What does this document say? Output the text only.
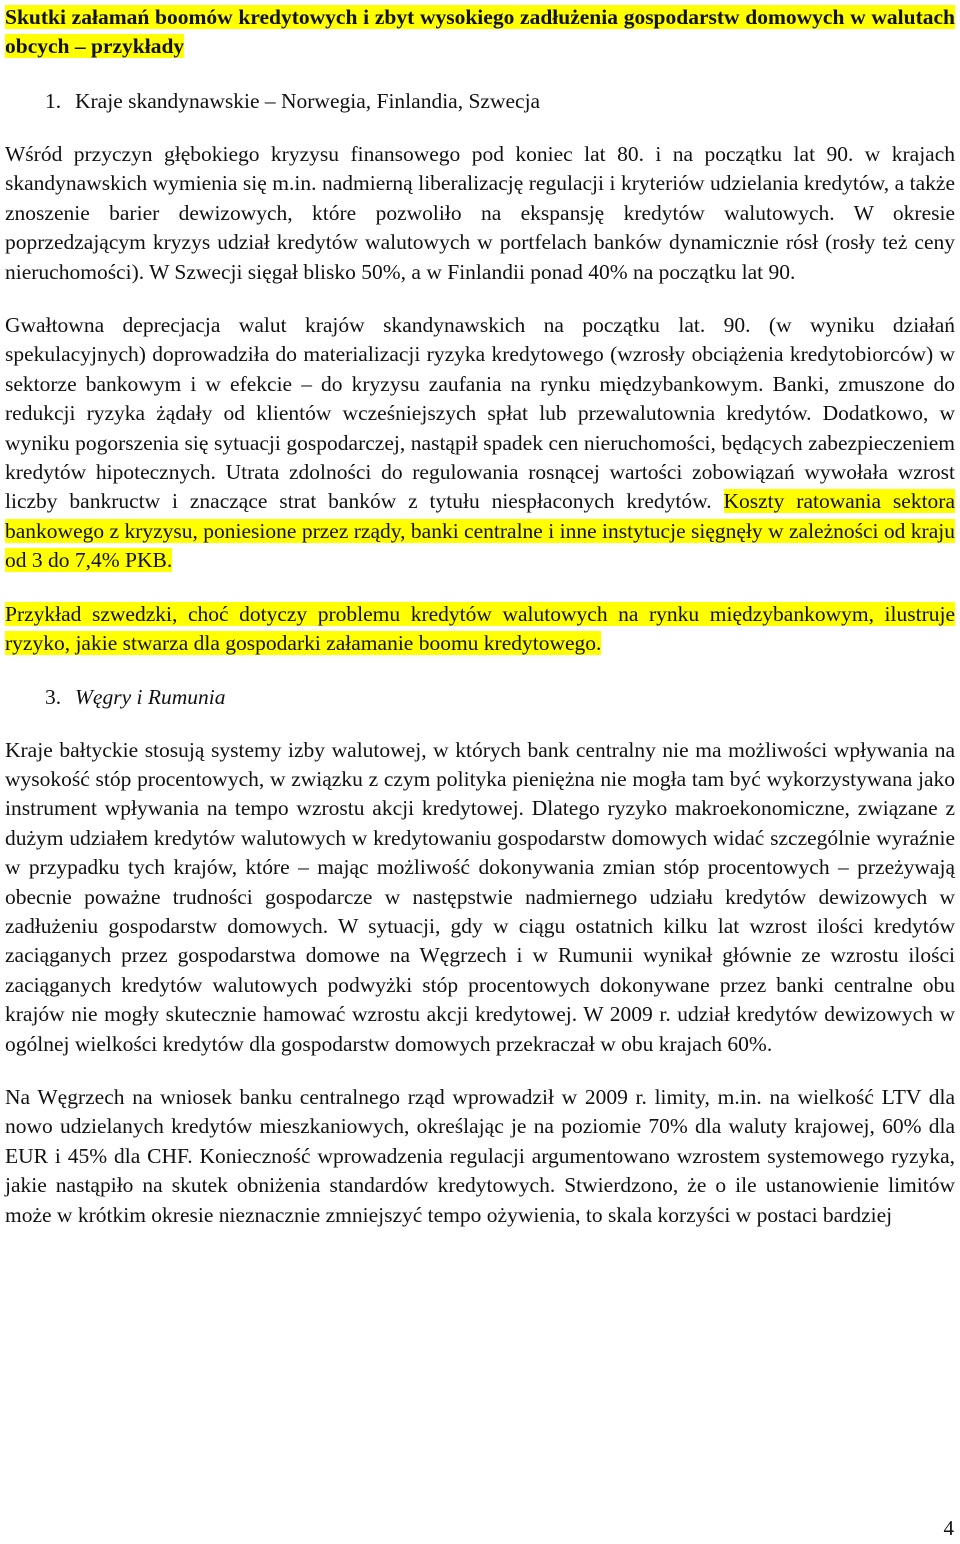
Skutki załamań boomów kredytowych i zbyt wysokiego zadłużenia gospodarstw domowych w walutach obcych – przykłady

1. Kraje skandynawskie – Norwegia, Finlandia, Szwecja

Wśród przyczyn głębokiego kryzysu finansowego pod koniec lat 80. i na początku lat 90. w krajach skandynawskich wymienia się m.in. nadmierną liberalizację regulacji i kryteriów udzielania kredytów, a także znoszenie barier dewizowych, które pozwoliło na ekspansję kredytów walutowych. W okresie poprzedzającym kryzys udział kredytów walutowych w portfelach banków dynamicznie rósł (rosły też ceny nieruchomości). W Szwecji sięgał blisko 50%, a w Finlandii ponad 40% na początku lat 90.

Gwałtowna deprecjacja walut krajów skandynawskich na początku lat. 90. (w wyniku działań spekulacyjnych) doprowadziła do materializacji ryzyka kredytowego (wzrosły obciążenia kredytobiorców) w sektorze bankowym i w efekcie – do kryzysu zaufania na rynku międzybankowym. Banki, zmuszone do redukcji ryzyka żądały od klientów wcześniejszych spłat lub przewalutownia kredytów. Dodatkowo, w wyniku pogorszenia się sytuacji gospodarczej, nastąpił spadek cen nieruchomości, będących zabezpieczeniem kredytów hipotecznych. Utrata zdolności do regulowania rosnącej wartości zobowiązań wywołała wzrost liczby bankructw i znaczące strat banków z tytułu niespłaconych kredytów. Koszty ratowania sektora bankowego z kryzysu, poniesione przez rządy, banki centralne i inne instytucje sięgnęły w zależności od kraju od 3 do 7,4% PKB.

Przykład szwedzki, choć dotyczy problemu kredytów walutowych na rynku międzybankowym, ilustruje ryzyko, jakie stwarza dla gospodarki załamanie boomu kredytowego.

3. Węgry i Rumunia

Kraje bałtyckie stosują systemy izby walutowej, w których bank centralny nie ma możliwości wpływania na wysokość stóp procentowych, w związku z czym polityka pieniężna nie mogła tam być wykorzystywana jako instrument wpływania na tempo wzrostu akcji kredytowej. Dlatego ryzyko makroekonomiczne, związane z dużym udziałem kredytów walutowych w kredytowaniu gospodarstw domowych widać szczególnie wyraźnie w przypadku tych krajów, które – mając możliwość dokonywania zmian stóp procentowych – przeżywają obecnie poważne trudności gospodarcze w następstwie nadmiernego udziału kredytów dewizowych w zadłużeniu gospodarstw domowych. W sytuacji, gdy w ciągu ostatnich kilku lat wzrost ilości kredytów zaciąganych przez gospodarstwa domowe na Węgrzech i w Rumunii wynikał głównie ze wzrostu ilości zaciąganych kredytów walutowych podwyżki stóp procentowych dokonywane przez banki centralne obu krajów nie mogły skutecznie hamować wzrostu akcji kredytowej. W 2009 r. udział kredytów dewizowych w ogólnej wielkości kredytów dla gospodarstw domowych przekraczał w obu krajach 60%.

Na Węgrzech na wniosek banku centralnego rząd wprowadził w 2009 r. limity, m.in. na wielkość LTV dla nowo udzielanych kredytów mieszkaniowych, określając je na poziomie 70% dla waluty krajowej, 60% dla EUR i 45% dla CHF. Konieczność wprowadzenia regulacji argumentowano wzrostem systemowego ryzyka, jakie nastąpiło na skutek obniżenia standardów kredytowych. Stwierdzono, że o ile ustanowienie limitów może w krótkim okresie nieznacznie zmniejszyć tempo ożywienia, to skala korzyści w postaci bardziej

4
